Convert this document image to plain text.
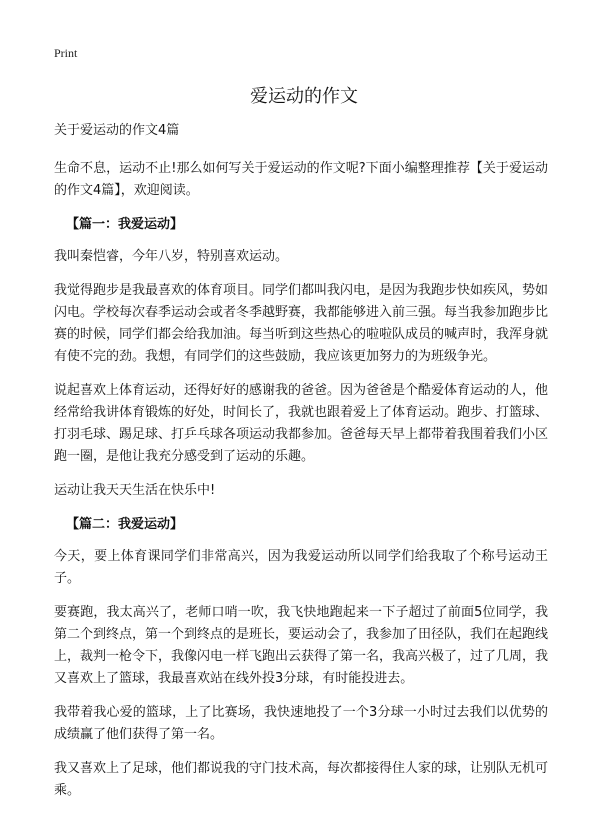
Print
爱运动的作文

关于爱运动的作文4篇

生命不息，运动不止!那么如何写关于爱运动的作文呢?下面小编整理推荐【关于爱运动的作文4篇】，欢迎阅读。

【篇一：我爱运动】

我叫秦恺睿，今年八岁，特别喜欢运动。

我觉得跑步是我最喜欢的体育项目。同学们都叫我闪电，是因为我跑步快如疾风，势如闪电。学校每次春季运动会或者冬季越野赛，我都能够进入前三强。每当我参加跑步比赛的时候，同学们都会给我加油。每当听到这些热心的啦啦队成员的喊声时，我浑身就有使不完的劲。我想，有同学们的这些鼓励，我应该更加努力的为班级争光。

说起喜欢上体育运动，还得好好的感谢我的爸爸。因为爸爸是个酷爱体育运动的人，他经常给我讲体育锻炼的好处，时间长了，我就也跟着爱上了体育运动。跑步、打篮球、打羽毛球、踢足球、打乒乓球各项运动我都参加。爸爸每天早上都带着我围着我们小区跑一圈，是他让我充分感受到了运动的乐趣。

运动让我天天生活在快乐中!

【篇二：我爱运动】

今天，要上体育课同学们非常高兴，因为我爱运动所以同学们给我取了个称号运动王子。

要赛跑，我太高兴了，老师口哨一吹，我飞快地跑起来一下子超过了前面5位同学，我第二个到终点，第一个到终点的是班长，要运动会了，我参加了田径队，我们在起跑线上，裁判一枪令下，我像闪电一样飞跑出云获得了第一名，我高兴极了，过了几周，我又喜欢上了篮球，我最喜欢站在线外投3分球，有时能投进去。

我带着我心爱的篮球，上了比赛场，我快速地投了一个3分球一小时过去我们以优势的成绩赢了他们获得了第一名。

我又喜欢上了足球，他们都说我的守门技术高，每次都接得住人家的球，让别队无机可乘。
